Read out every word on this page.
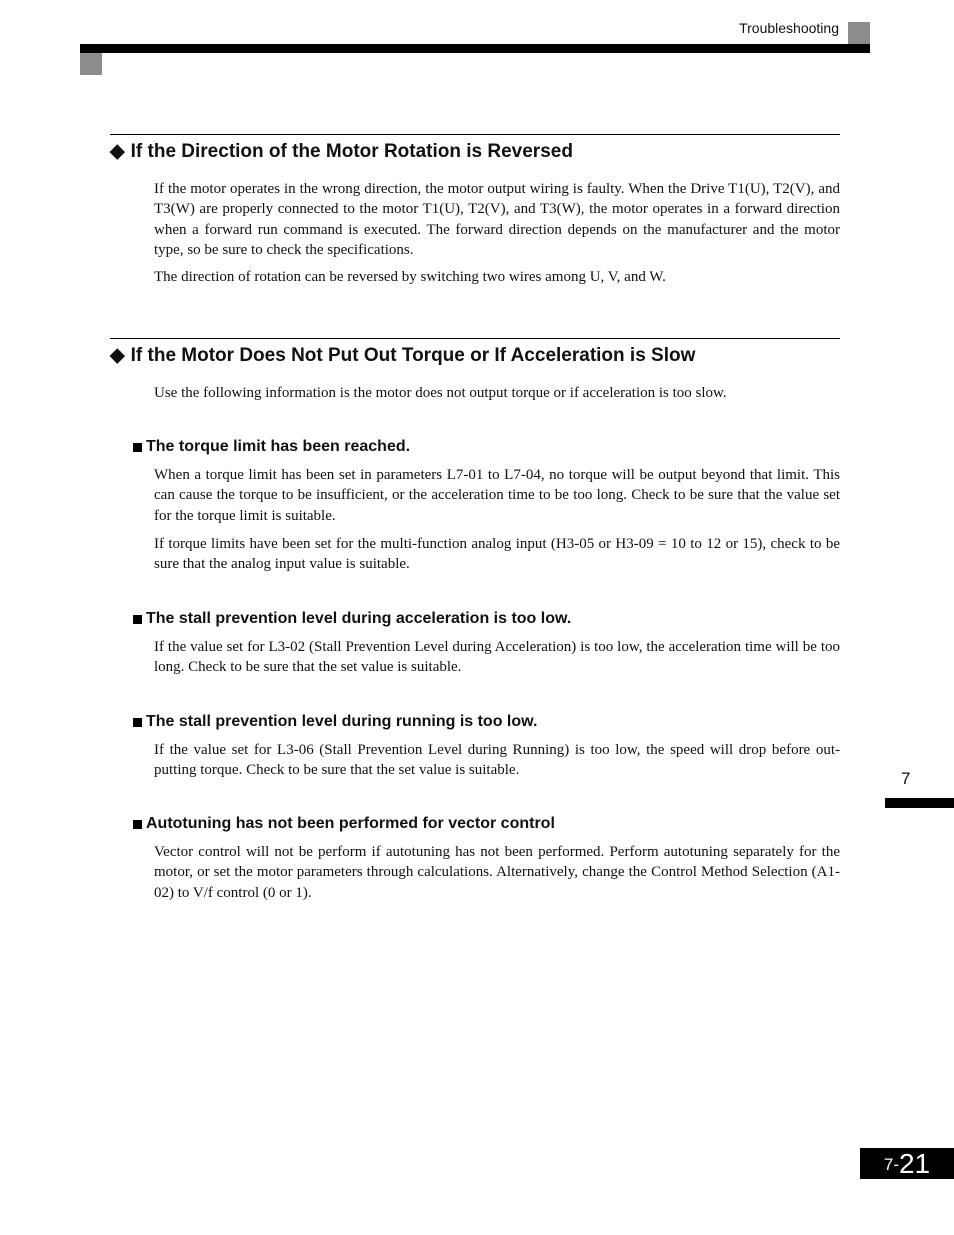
Troubleshooting
◆ If the Direction of the Motor Rotation is Reversed

If the motor operates in the wrong direction, the motor output wiring is faulty. When the Drive T1(U), T2(V), and T3(W) are properly connected to the motor T1(U), T2(V), and T3(W), the motor operates in a forward direction when a forward run command is executed. The forward direction depends on the manufacturer and the motor type, so be sure to check the specifications.

The direction of rotation can be reversed by switching two wires among U, V, and W.

◆ If the Motor Does Not Put Out Torque or If Acceleration is Slow

Use the following information is the motor does not output torque or if acceleration is too slow.

The torque limit has been reached.

When a torque limit has been set in parameters L7-01 to L7-04, no torque will be output beyond that limit. This can cause the torque to be insufficient, or the acceleration time to be too long. Check to be sure that the value set for the torque limit is suitable.

If torque limits have been set for the multi-function analog input (H3-05 or H3-09 = 10 to 12 or 15), check to be sure that the analog input value is suitable.

The stall prevention level during acceleration is too low.

If the value set for L3-02 (Stall Prevention Level during Acceleration) is too low, the acceleration time will be too long. Check to be sure that the set value is suitable.

The stall prevention level during running is too low.

If the value set for L3-06 (Stall Prevention Level during Running) is too low, the speed will drop before out-putting torque. Check to be sure that the set value is suitable.

Autotuning has not been performed for vector control

Vector control will not be perform if autotuning has not been performed. Perform autotuning separately for the motor, or set the motor parameters through calculations. Alternatively, change the Control Method Selection (A1-02) to V/f control (0 or 1).

7
7- 21
